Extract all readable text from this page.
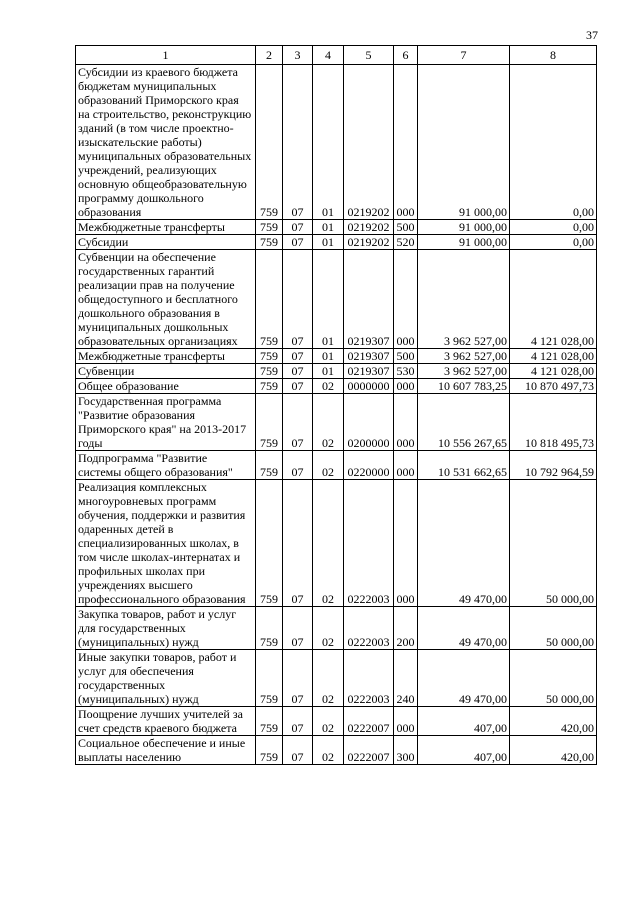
37
1	2	3	4	5	6	7	8
Субсидии из краевого бюджета бюджетам муниципальных образований Приморского края на строительство, реконструкцию зданий (в том числе проектно-изыскательские работы) муниципальных образовательных учреждений, реализующих основную общеобразовательную программу дошкольного образования	759	07	01	0219202	000	91 000,00	0,00
Межбюджетные трансферты	759	07	01	0219202	500	91 000,00	0,00
Субсидии	759	07	01	0219202	520	91 000,00	0,00
Субвенции на обеспечение государственных гарантий реализации прав на получение общедоступного и бесплатного дошкольного образования в муниципальных дошкольных образовательных организациях	759	07	01	0219307	000	3 962 527,00	4 121 028,00
Межбюджетные трансферты	759	07	01	0219307	500	3 962 527,00	4 121 028,00
Субвенции	759	07	01	0219307	530	3 962 527,00	4 121 028,00
Общее образование	759	07	02	0000000	000	10 607 783,25	10 870 497,73
Государственная программа "Развитие образования Приморского края" на 2013-2017 годы	759	07	02	0200000	000	10 556 267,65	10 818 495,73
Подпрограмма "Развитие системы общего образования"	759	07	02	0220000	000	10 531 662,65	10 792 964,59
Реализация комплексных многоуровневых программ обучения, поддержки и развития одаренных детей в специализированных школах, в том числе школах-интернатах и профильных школах при учреждениях высшего профессионального образования	759	07	02	0222003	000	49 470,00	50 000,00
Закупка товаров, работ и услуг для государственных (муниципальных) нужд	759	07	02	0222003	200	49 470,00	50 000,00
Иные закупки товаров, работ и услуг для обеспечения государственных (муниципальных) нужд	759	07	02	0222003	240	49 470,00	50 000,00
Поощрение лучших учителей за счет средств краевого бюджета	759	07	02	0222007	000	407,00	420,00
Социальное обеспечение и иные выплаты населению	759	07	02	0222007	300	407,00	420,00
